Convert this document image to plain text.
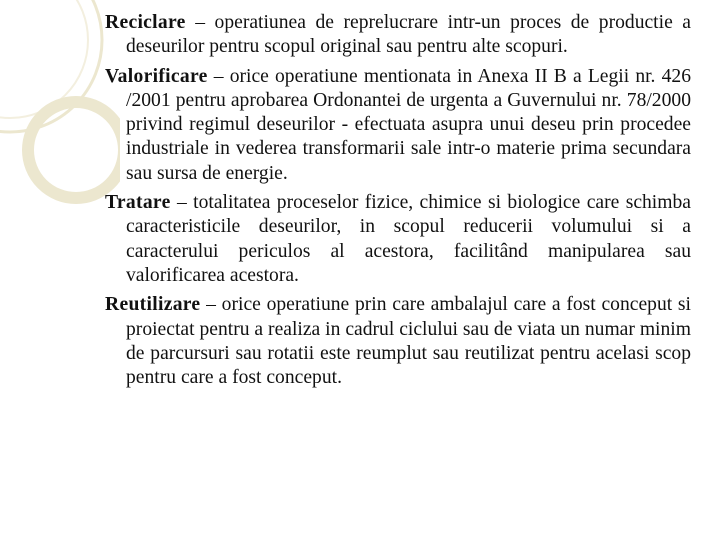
Reciclare – operatiunea de reprelucrare intr-un proces de productie a deseurilor pentru scopul original sau pentru alte scopuri.

Valorificare – orice operatiune mentionata in Anexa II B a Legii nr. 426 /2001 pentru aprobarea Ordonantei de urgenta a Guvernului nr. 78/2000 privind regimul deseurilor - efectuata asupra unui deseu prin procedee industriale in vederea transformarii sale intr-o materie prima secundara sau sursa de energie.

Tratare – totalitatea proceselor fizice, chimice si biologice care schimba caracteristicile deseurilor, in scopul reducerii volumului si a caracterului periculos al acestora, facilitând manipularea sau valorificarea acestora.

Reutilizare – orice operatiune prin care ambalajul care a fost conceput si proiectat pentru a realiza in cadrul ciclului sau de viata un numar minim de parcursuri sau rotatii este reumplut sau reutilizat pentru acelasi scop pentru care a fost conceput.
